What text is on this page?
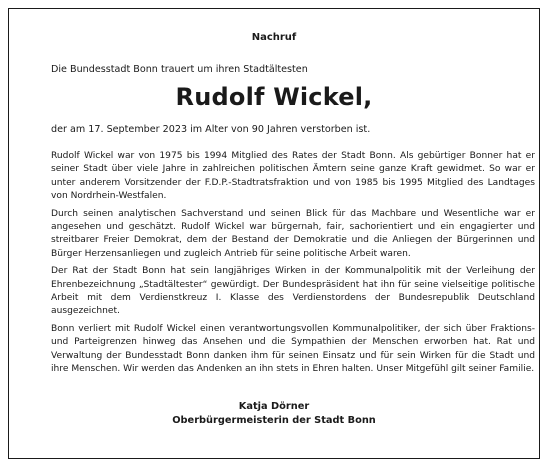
Nachruf
Die Bundesstadt Bonn trauert um ihren Stadtältesten
Rudolf Wickel,
der am 17. September 2023 im Alter von 90 Jahren verstorben ist.

Rudolf Wickel war von 1975 bis 1994 Mitglied des Rates der Stadt Bonn. Als gebürtiger Bonner hat er seiner Stadt über viele Jahre in zahlreichen politischen Ämtern seine ganze Kraft gewidmet. So war er unter anderem Vorsitzender der F.D.P.-Stadtratsfraktion und von 1985 bis 1995 Mitglied des Landtages von Nordrhein-Westfalen.

Durch seinen analytischen Sachverstand und seinen Blick für das Machbare und Wesentliche war er angesehen und geschätzt. Rudolf Wickel war bürgernah, fair, sachorientiert und ein engagierter und streitbarer Freier Demokrat, dem der Bestand der Demokratie und die Anliegen der Bürgerinnen und Bürger Herzensanliegen und zugleich Antrieb für seine politische Arbeit waren.

Der Rat der Stadt Bonn hat sein langjähriges Wirken in der Kommunalpolitik mit der Verleihung der Ehrenbezeichnung „Stadtältester“ gewürdigt. Der Bundespräsident hat ihn für seine vielseitige politische Arbeit mit dem Verdienstkreuz I. Klasse des Verdienstordens der Bundesrepublik Deutschland ausgezeichnet.

Bonn verliert mit Rudolf Wickel einen verantwortungsvollen Kommunalpolitiker, der sich über Fraktions- und Parteigrenzen hinweg das Ansehen und die Sympathien der Menschen erworben hat. Rat und Verwaltung der Bundesstadt Bonn danken ihm für seinen Einsatz und für sein Wirken für die Stadt und ihre Menschen. Wir werden das Andenken an ihn stets in Ehren halten. Unser Mitgefühl gilt seiner Familie.

Katja Dörner
Oberbürgermeisterin der Stadt Bonn
